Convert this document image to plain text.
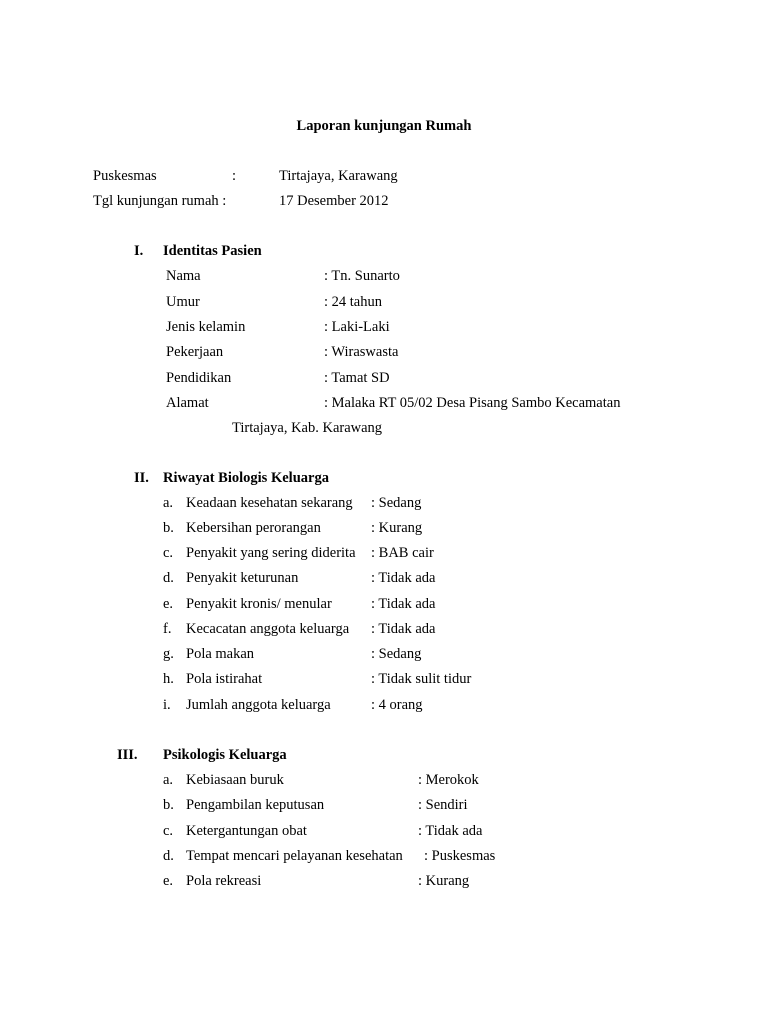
Laporan kunjungan Rumah
Puskesmas	:	Tirtajaya, Karawang
Tgl kunjungan rumah :	17 Desember 2012
I. Identitas Pasien
Nama	: Tn. Sunarto
Umur	: 24 tahun
Jenis kelamin	: Laki-Laki
Pekerjaan	: Wiraswasta
Pendidikan	: Tamat SD
Alamat	: Malaka RT 05/02 Desa Pisang Sambo Kecamatan
Tirtajaya, Kab. Karawang
II. Riwayat Biologis Keluarga
a. Keadaan kesehatan sekarang : Sedang
b. Kebersihan perorangan	: Kurang
c. Penyakit yang sering diderita : BAB cair
d. Penyakit keturunan	: Tidak ada
e. Penyakit kronis/ menular	: Tidak ada
f. Kecacatan anggota keluarga : Tidak ada
g. Pola makan	: Sedang
h. Pola istirahat	: Tidak sulit tidur
i. Jumlah anggota keluarga	: 4 orang
III. Psikologis Keluarga
a. Kebiasaan buruk	: Merokok
b. Pengambilan keputusan	: Sendiri
c. Ketergantungan obat	: Tidak ada
d. Tempat mencari pelayanan kesehatan : Puskesmas
e. Pola rekreasi	: Kurang
